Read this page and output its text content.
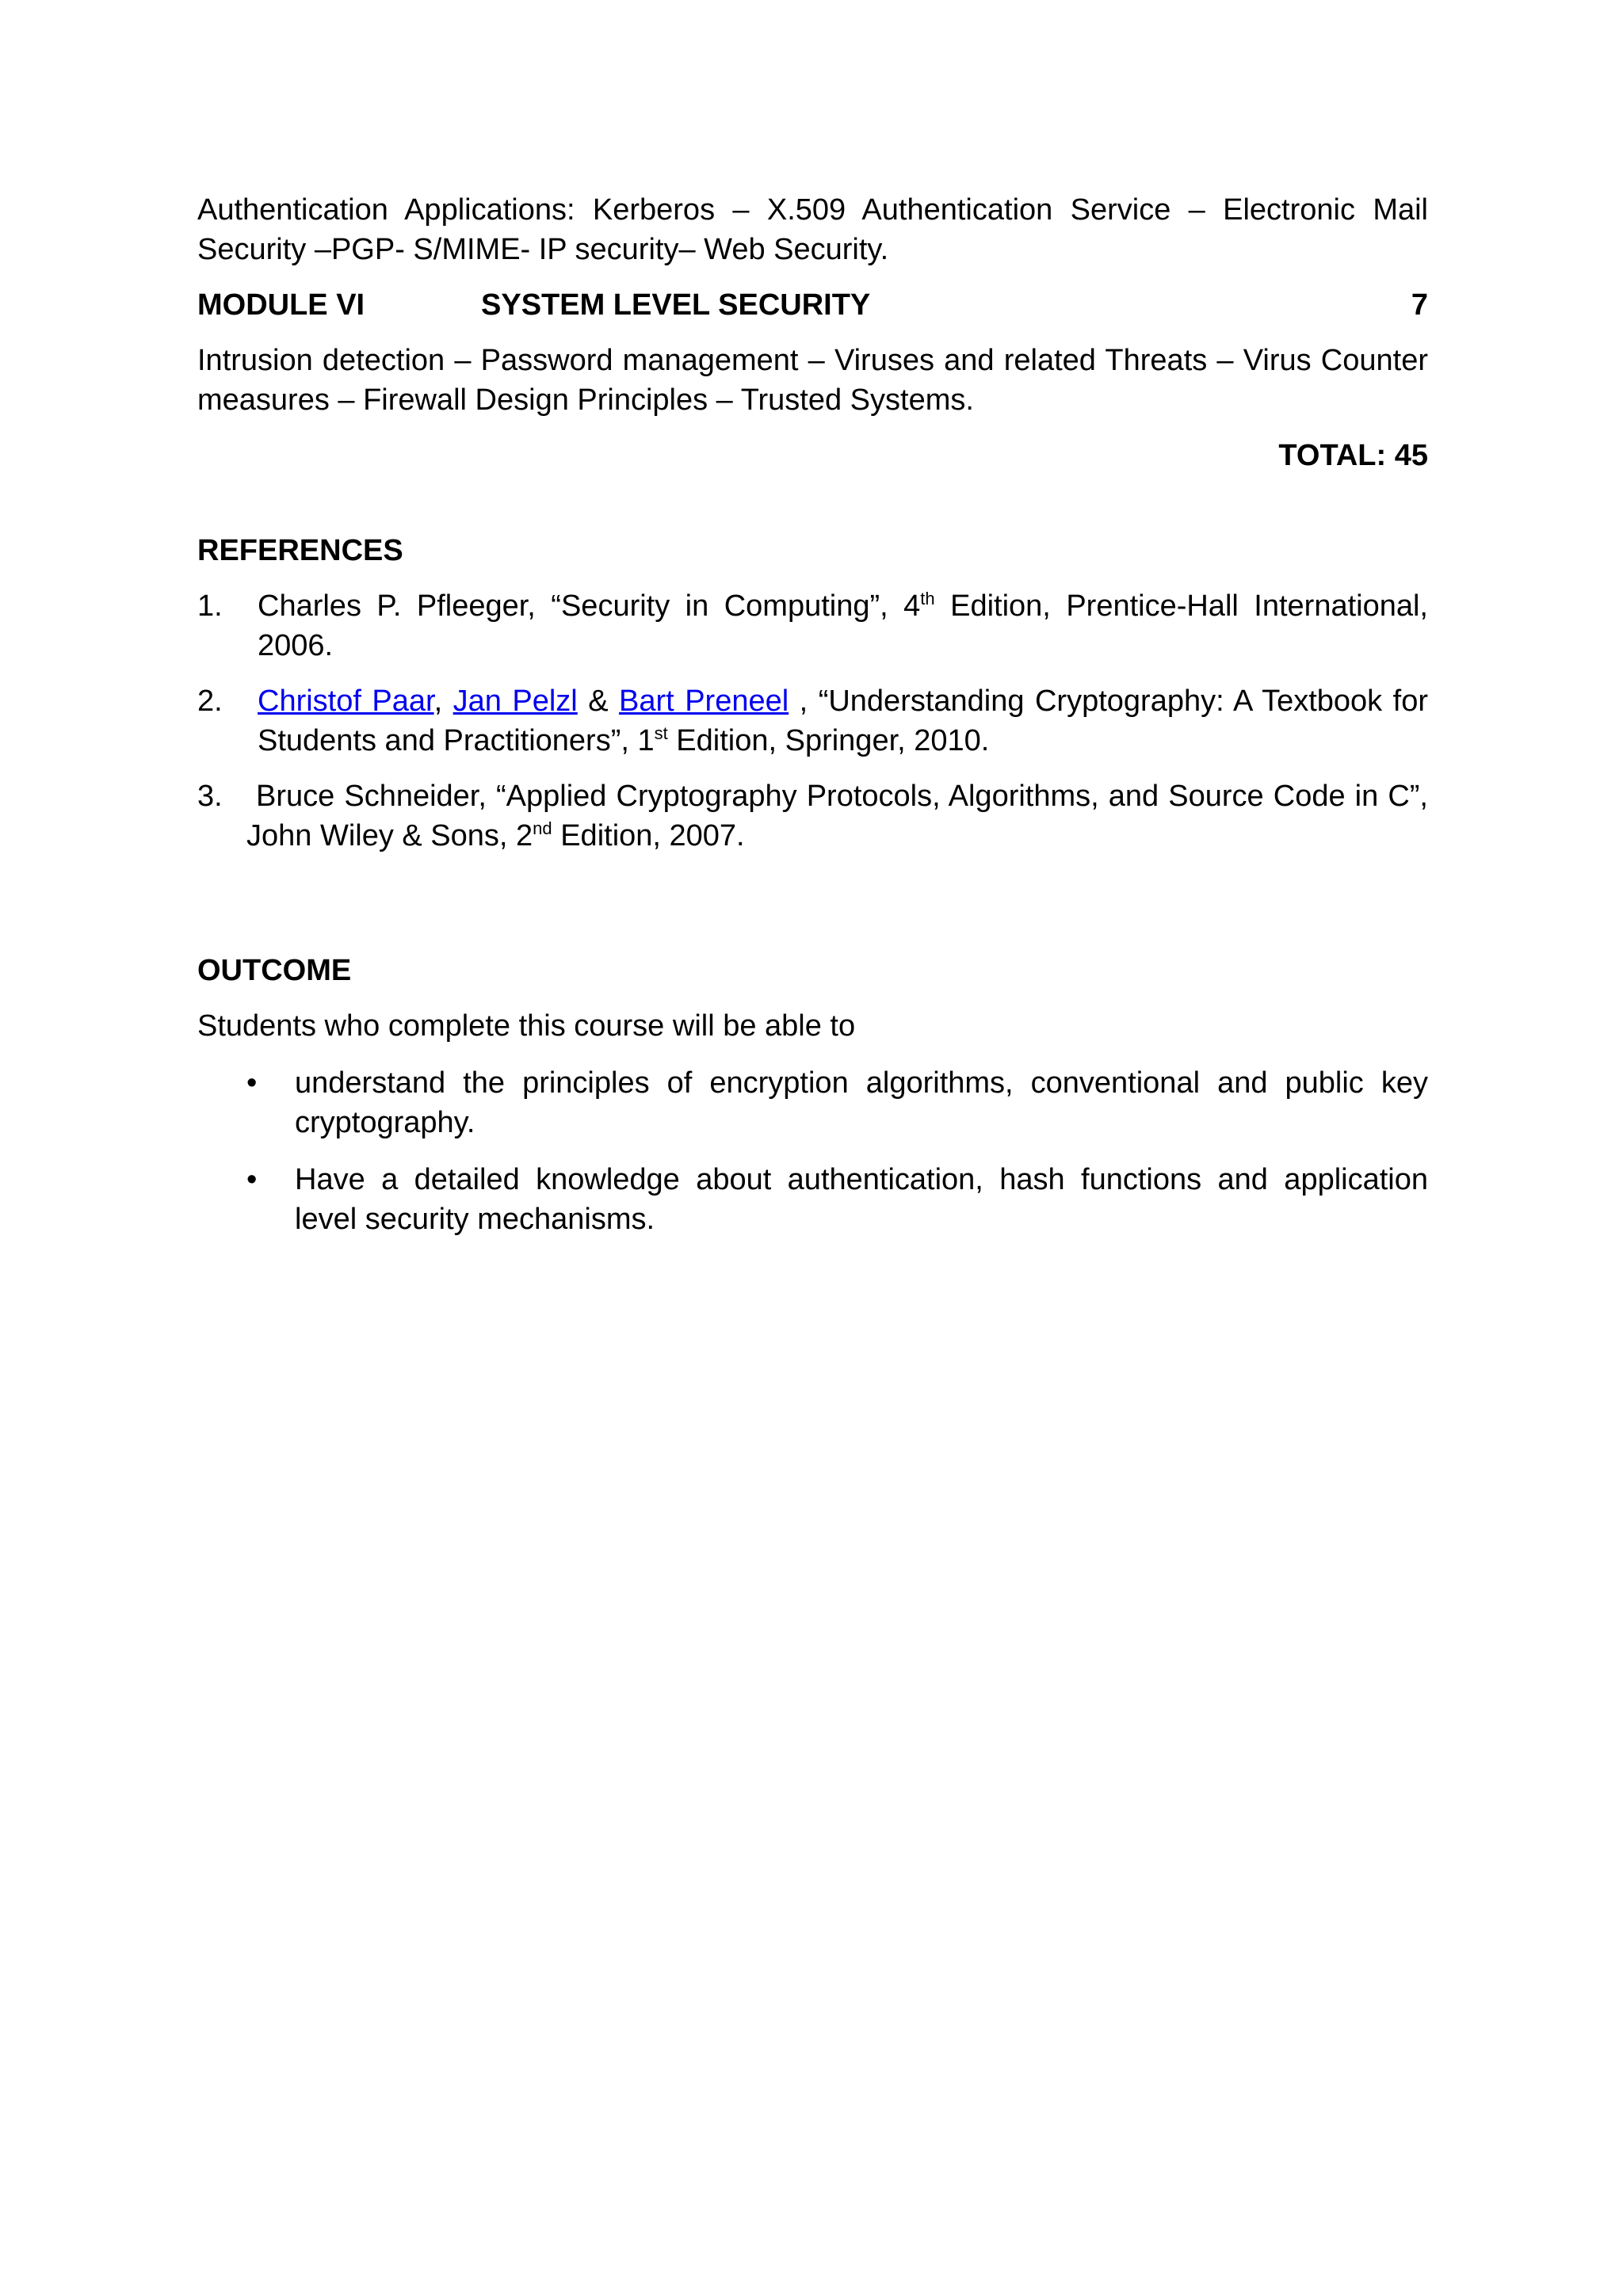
Authentication Applications: Kerberos – X.509 Authentication Service – Electronic Mail Security –PGP- S/MIME- IP security– Web Security.

MODULE VI	SYSTEM LEVEL SECURITY	7

Intrusion detection – Password management – Viruses and related Threats – Virus Counter measures – Firewall Design Principles – Trusted Systems.

TOTAL: 45
REFERENCES
1. Charles P. Pfleeger, “Security in Computing”, 4th Edition, Prentice-Hall International, 2006.
2. Christof Paar, Jan Pelzl & Bart Preneel , “Understanding Cryptography: A Textbook for Students and Practitioners”, 1st Edition, Springer, 2010.
3. Bruce Schneider, “Applied Cryptography Protocols, Algorithms, and Source Code in C”,
John Wiley & Sons, 2nd Edition, 2007.
OUTCOME

Students who complete this course will be able to

• understand the principles of encryption algorithms, conventional and public key cryptography.
• Have a detailed knowledge about authentication, hash functions and application level security mechanisms.
